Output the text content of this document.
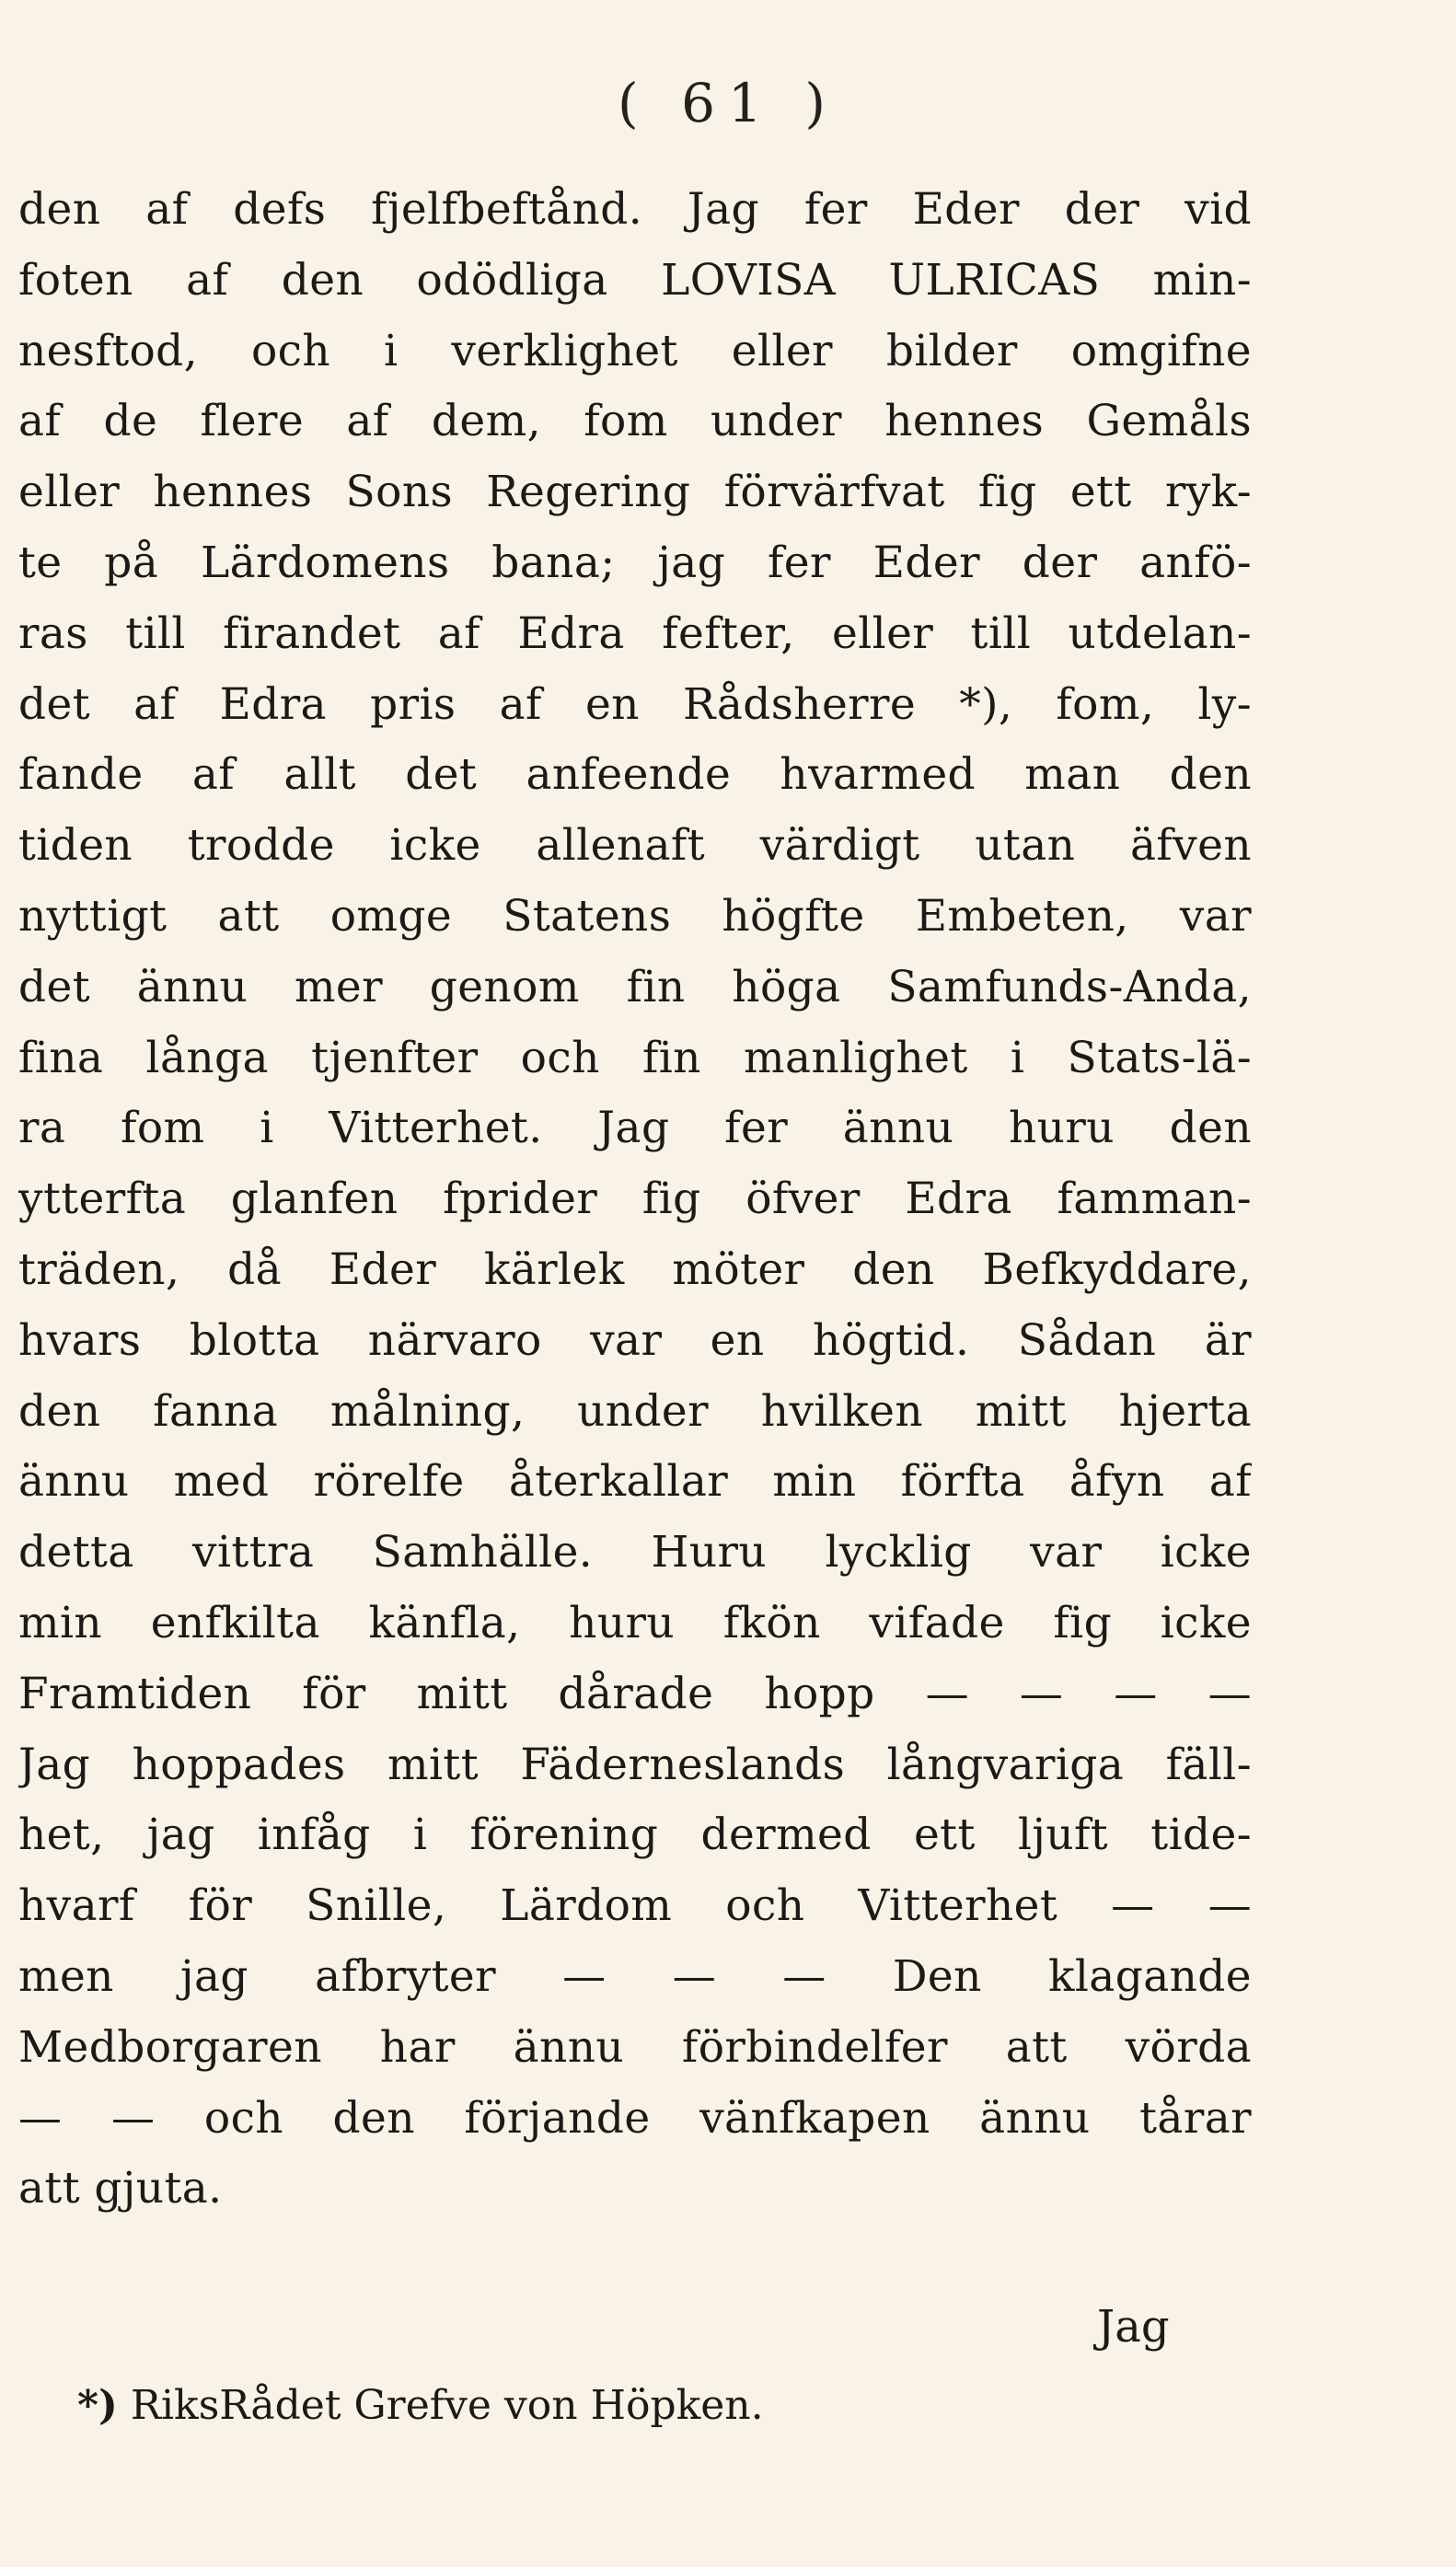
( 61 )
den af defs fjelfbeftånd. Jag fer Eder der vid
foten af den odödliga LOVISA ULRICAS min-
nesftod, och i verklighet eller bilder omgifne
af de flere af dem, fom under hennes Gemåls
eller hennes Sons Regering förvärfvat fig ett ryk-
te på Lärdomens bana; jag fer Eder der anfö-
ras till firandet af Edra fefter, eller till utdelan-
det af Edra pris af en Rådsherre *), fom, ly-
fande af allt det anfeende hvarmed man den
tiden trodde icke allenaft värdigt utan äfven
nyttigt att omge Statens högfte Embeten, var
det ännu mer genom fin höga Samfunds-Anda,
fina långa tjenfter och fin manlighet i Stats-lä-
ra fom i Vitterhet. Jag fer ännu huru den
ytterfta glanfen fprider fig öfver Edra famman-
träden, då Eder kärlek möter den Befkyddare,
hvars blotta närvaro var en högtid. Sådan är
den fanna målning, under hvilken mitt hjerta
ännu med rörelfe återkallar min förfta åfyn af
detta vittra Samhälle. Huru lycklig var icke
min enfkilta känfla, huru fkön vifade fig icke
Framtiden för mitt dårade hopp — — — —
Jag hoppades mitt Fäderneslands långvariga fäll-
het, jag infåg i förening dermed ett ljuft tide-
hvarf för Snille, Lärdom och Vitterhet — —
men jag afbryter — — — Den klagande
Medborgaren har ännu förbindelfer att vörda
— — och den förjande vänfkapen ännu tårar
att gjuta.
Jag
*) RiksRådet Grefve von Höpken.
